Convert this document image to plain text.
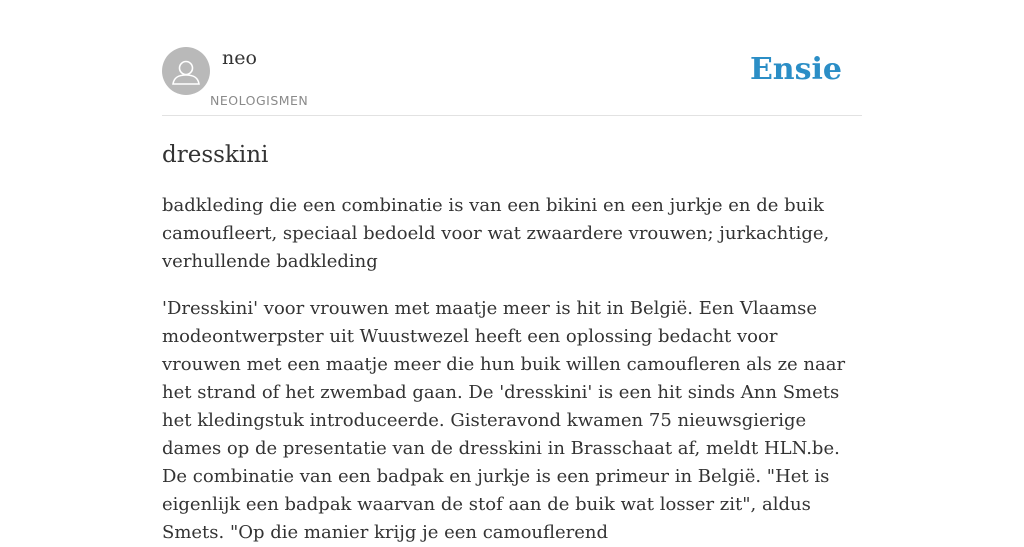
neo
NEOLOGISMEN
Ensie
dresskini

badkleding die een combinatie is van een bikini en een jurkje en de buik camoufleert, speciaal bedoeld voor wat zwaardere vrouwen; jurkachtige, verhullende badkleding

'Dresskini' voor vrouwen met maatje meer is hit in België. Een Vlaamse modeontwerpster uit Wuustwezel heeft een oplossing bedacht voor vrouwen met een maatje meer die hun buik willen camoufleren als ze naar het strand of het zwembad gaan. De 'dresskini' is een hit sinds Ann Smets het kledingstuk introduceerde. Gisteravond kwamen 75 nieuwsgierige dames op de presentatie van de dresskini in Brasschaat af, meldt HLN.be. De combinatie van een badpak en jurkje is een primeur in België. "Het is eigenlijk een badpak waarvan de stof aan de buik wat losser zit", aldus Smets. "Op die manier krijg je een camouflerend
